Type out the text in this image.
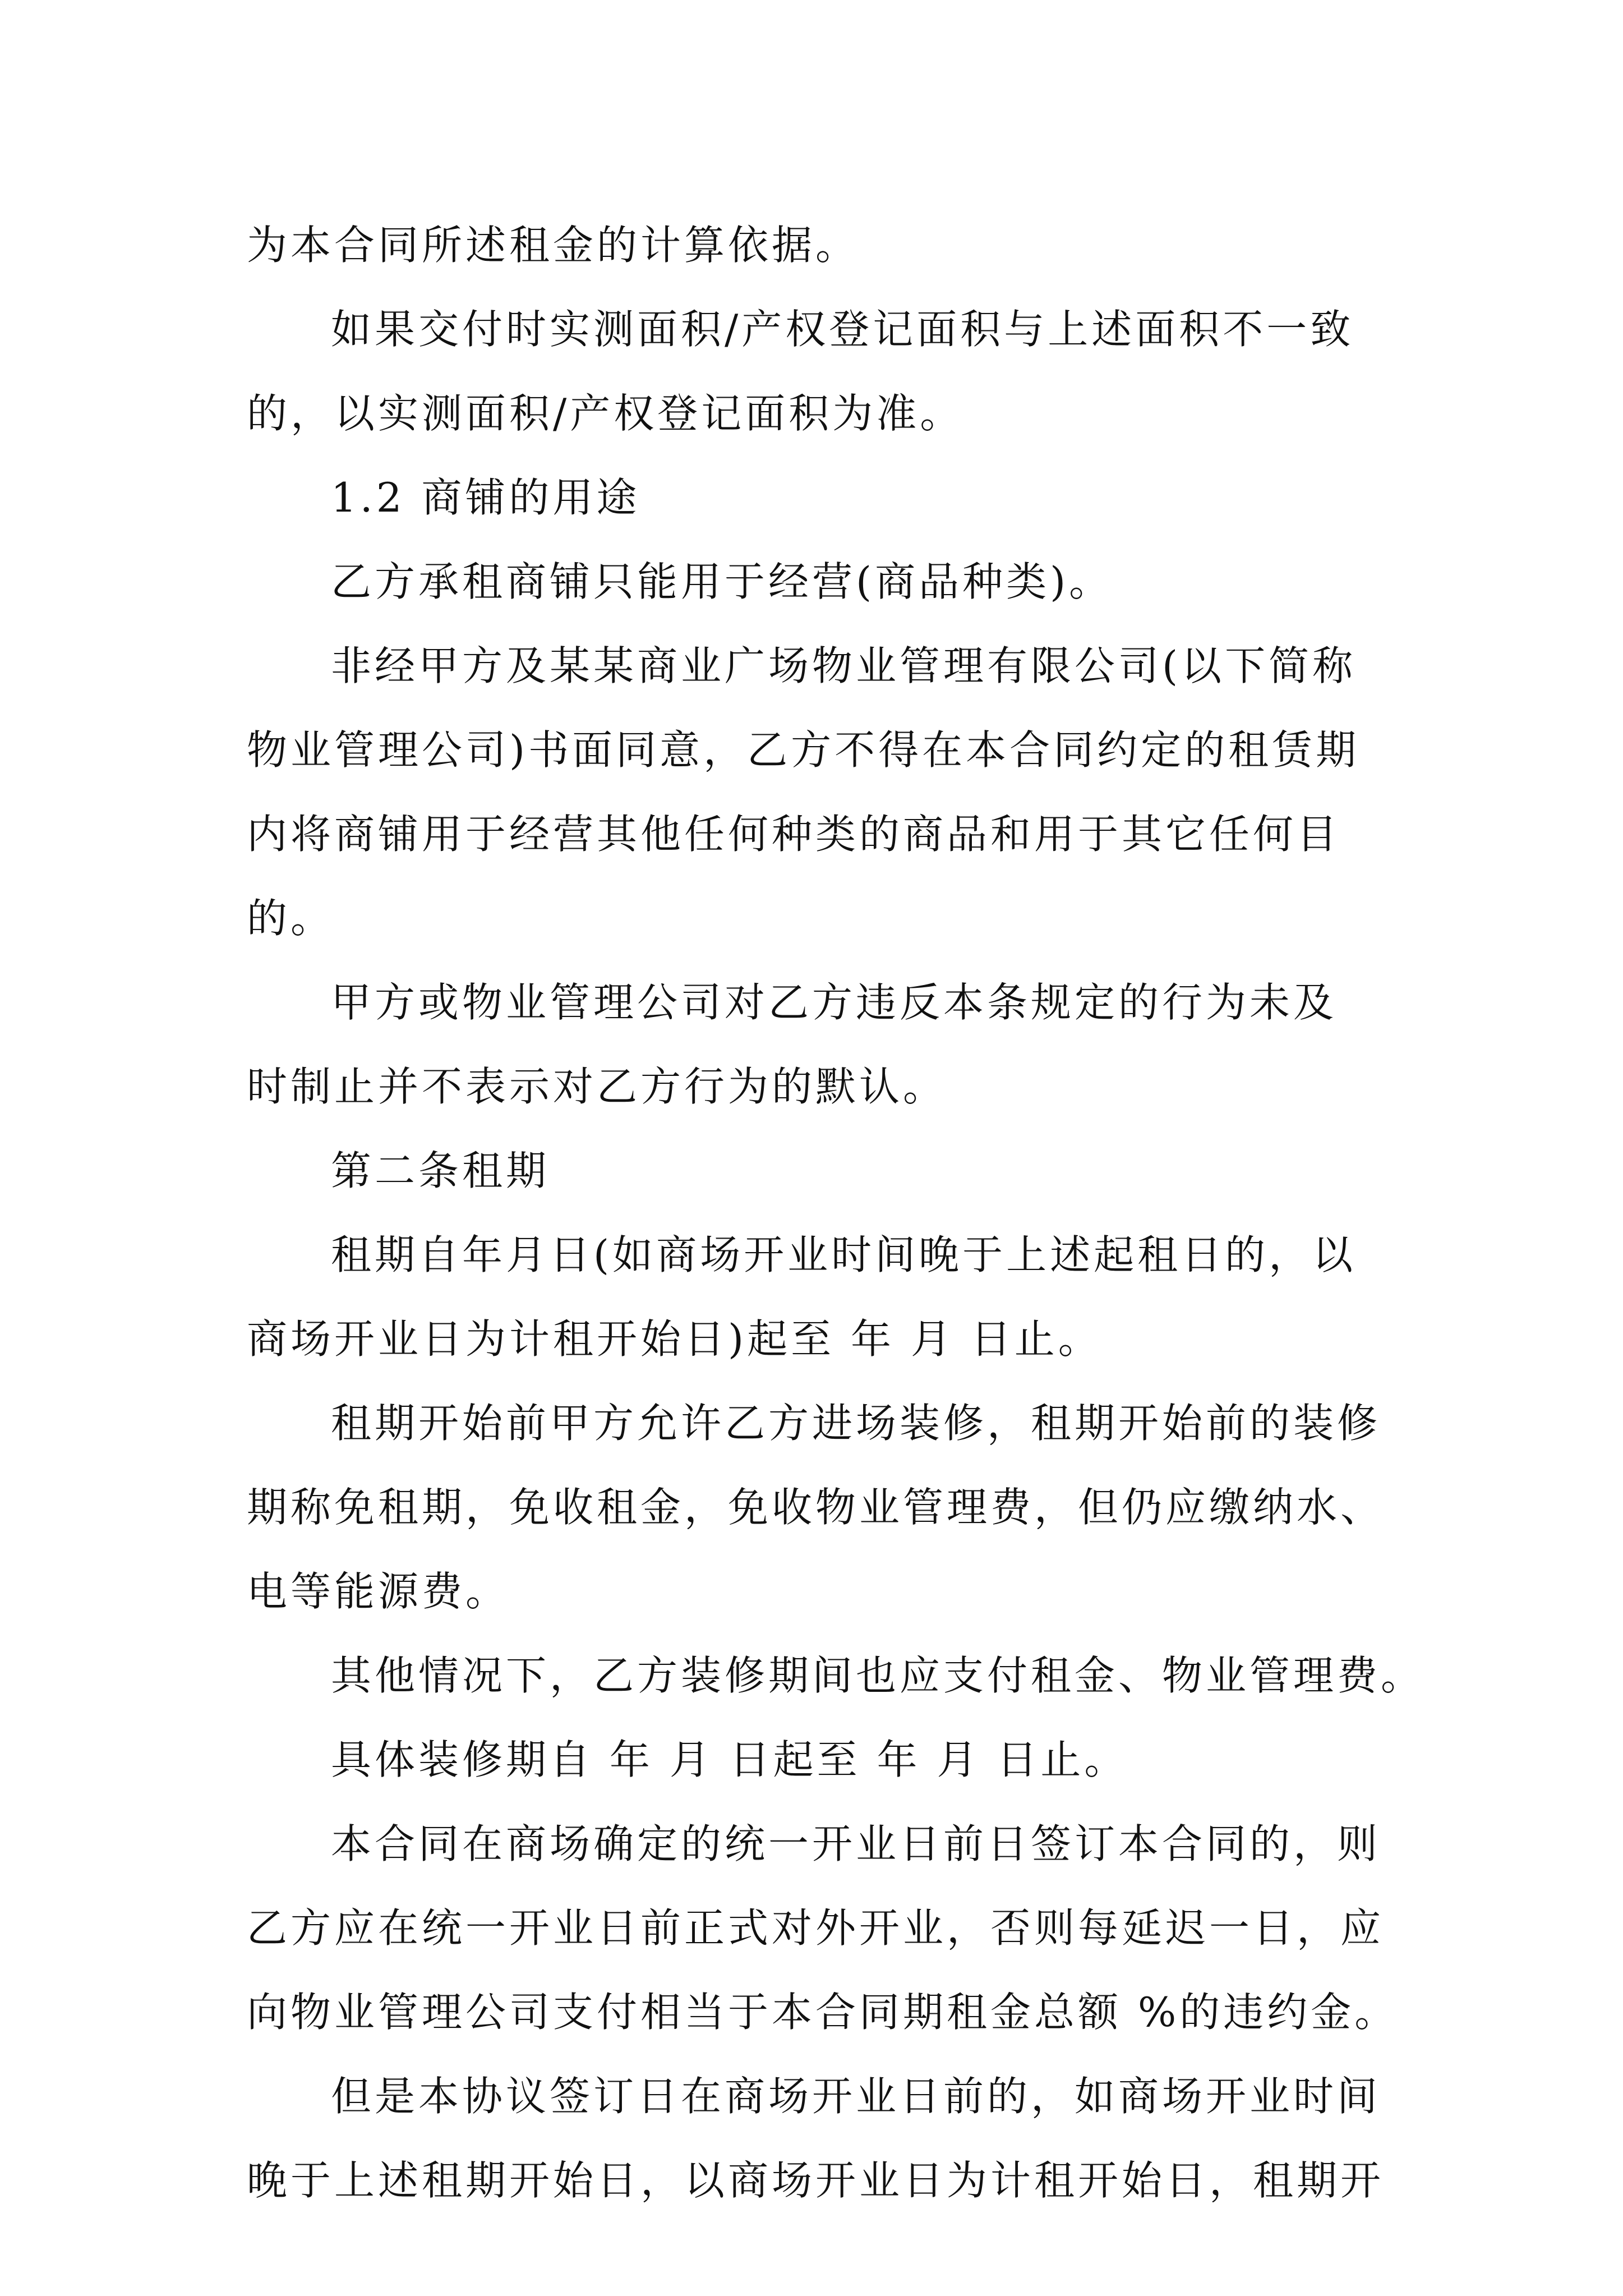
为本合同所述租金的计算依据。

如果交付时实测面积/产权登记面积与上述面积不一致

的，以实测面积/产权登记面积为准。

1.2 商铺的用途

乙方承租商铺只能用于经营(商品种类)。

非经甲方及某某商业广场物业管理有限公司(以下简称

物业管理公司)书面同意，乙方不得在本合同约定的租赁期

内将商铺用于经营其他任何种类的商品和用于其它任何目

的。

甲方或物业管理公司对乙方违反本条规定的行为未及

时制止并不表示对乙方行为的默认。

第二条租期

租期自年月日(如商场开业时间晚于上述起租日的，以

商场开业日为计租开始日)起至 年 月 日止。

租期开始前甲方允许乙方进场装修，租期开始前的装修

期称免租期，免收租金，免收物业管理费，但仍应缴纳水、

电等能源费。

其他情况下，乙方装修期间也应支付租金、物业管理费。

具体装修期自 年 月 日起至 年 月 日止。

本合同在商场确定的统一开业日前日签订本合同的，则

乙方应在统一开业日前正式对外开业，否则每延迟一日，应

向物业管理公司支付相当于本合同期租金总额 %的违约金。

但是本协议签订日在商场开业日前的，如商场开业时间

晚于上述租期开始日，以商场开业日为计租开始日，租期开
